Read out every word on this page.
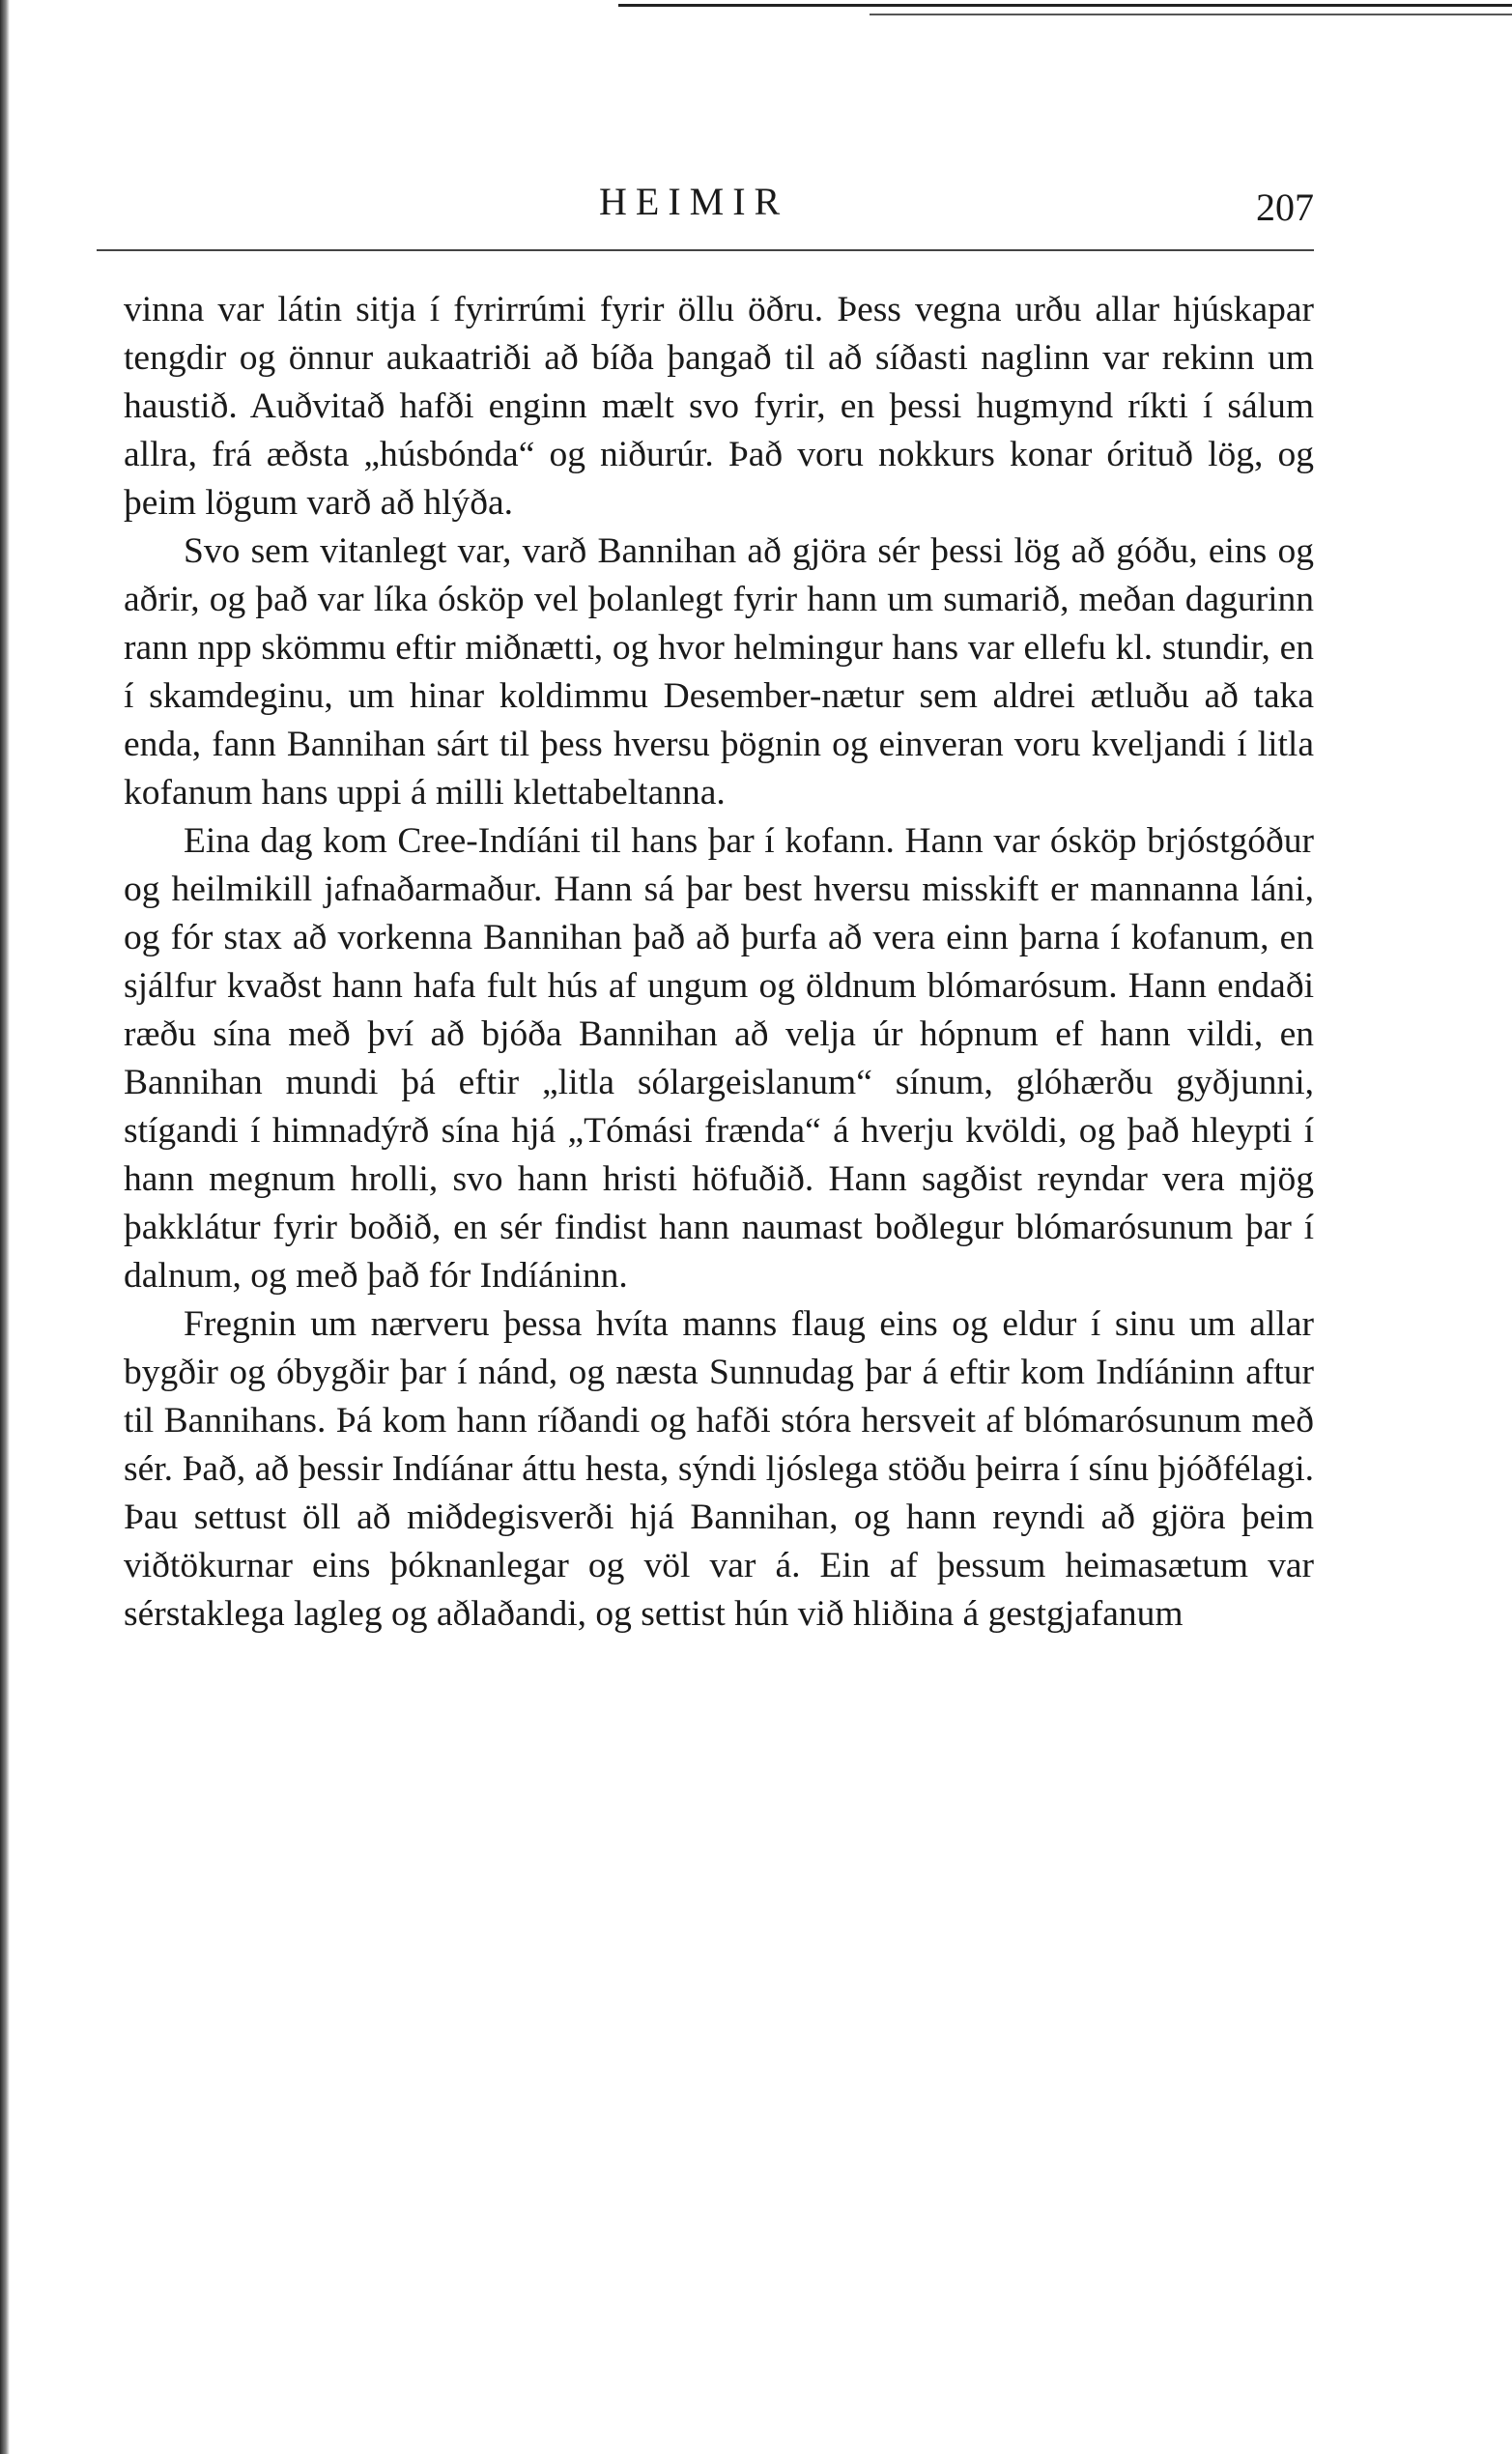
HEIMIR	207

vinna var látin sitja í fyrirrúmi fyrir öllu öðru. Þess vegna urðu allar hjúskapar tengdir og önnur aukaatriði að bíða þangað til að síðasti naglinn var rekinn um haustið. Auðvitað hafði enginn mælt svo fyrir, en þessi hugmynd ríkti í sálum allra, frá æðsta „húsbónda“ og niðurúr. Það voru nokkurs konar órituð lög, og þeim lögum varð að hlýða.

Svo sem vitanlegt var, varð Bannihan að gjöra sér þessi lög að góðu, eins og aðrir, og það var líka ósköp vel þolanlegt fyrir hann um sumarið, meðan dagurinn rann npp skömmu eftir miðnætti, og hvor helmingur hans var ellefu kl. stundir, en í skamdeginu, um hinar koldimmu Desember-nætur sem aldrei ætluðu að taka enda, fann Bannihan sárt til þess hversu þögnin og einveran voru kveljandi í litla kofanum hans uppi á milli klettabeltanna.

Eina dag kom Cree-Indíáni til hans þar í kofann. Hann var ósköp brjóstgóður og heilmikill jafnaðarmaður. Hann sá þar best hversu misskift er mannanna láni, og fór stax að vorkenna Bannihan það að þurfa að vera einn þarna í kofanum, en sjálfur kvaðst hann hafa fult hús af ungum og öldnum blómarósum. Hann endaði ræðu sína með því að bjóða Bannihan að velja úr hópnum ef hann vildi, en Bannihan mundi þá eftir „litla sólargeislanum“ sínum, glóhærðu gyðjunni, stígandi í himnadýrð sína hjá „Tómási frænda“ á hverju kvöldi, og það hleypti í hann megnum hrolli, svo hann hristi höfuðið. Hann sagðist reyndar vera mjög þakklátur fyrir boðið, en sér findist hann naumast boðlegur blómarósunum þar í dalnum, og með það fór Indíáninn.

Fregnin um nærveru þessa hvíta manns flaug eins og eldur í sinu um allar bygðir og óbygðir þar í nánd, og næsta Sunnudag þar á eftir kom Indíáninn aftur til Bannihans. Þá kom hann ríðandi og hafði stóra hersveit af blómarósunum með sér. Það, að þessir Indíánar áttu hesta, sýndi ljóslega stöðu þeirra í sínu þjóðfélagi. Þau settust öll að miðdegisverði hjá Bannihan, og hann reyndi að gjöra þeim viðtökurnar eins þóknanlegar og völ var á. Ein af þessum heimasætum var sérstaklega lagleg og aðlaðandi, og settist hún við hliðina á gestgjafanum
